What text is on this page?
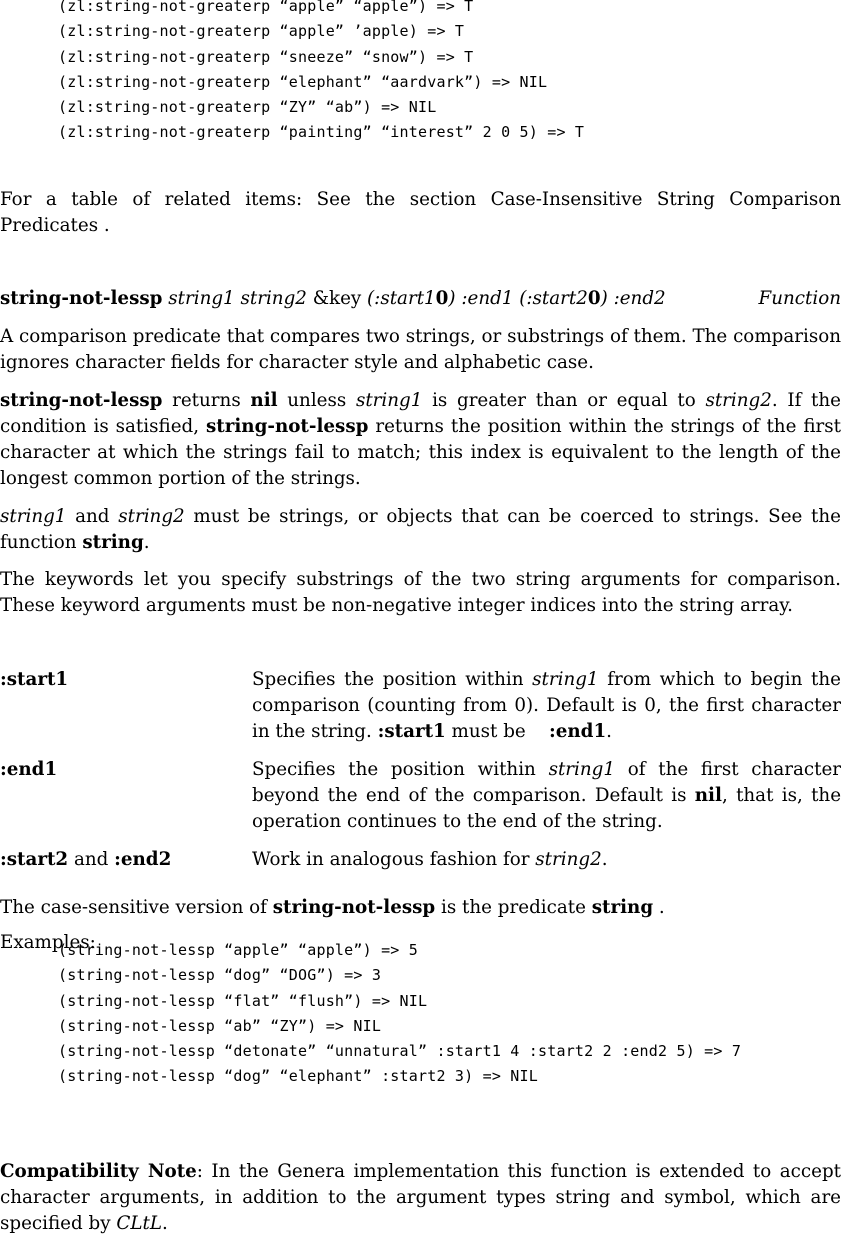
(zl:string-not-greaterp “apple” “apple”) => T
(zl:string-not-greaterp “apple” ’apple) => T
(zl:string-not-greaterp “sneeze” “snow”) => T
(zl:string-not-greaterp “elephant” “aardvark”) => NIL
(zl:string-not-greaterp “ZY” “ab”) => NIL
(zl:string-not-greaterp “painting” “interest” 2 0 5) => T
For a table of related items: See the section Case-Insensitive String Comparison Predicates .
string-not-lessp string1 string2 &key (:start10) :end1 (:start20) :end2	Function
A comparison predicate that compares two strings, or substrings of them. The comparison ignores character fields for character style and alphabetic case.
string-not-lessp returns nil unless string1 is greater than or equal to string2. If the condition is satisfied, string-not-lessp returns the position within the strings of the first character at which the strings fail to match; this index is equivalent to the length of the longest common portion of the strings.
string1 and string2 must be strings, or objects that can be coerced to strings. See the function string.
The keywords let you specify substrings of the two string arguments for comparison. These keyword arguments must be non-negative integer indices into the string array.
:start1	Specifies the position within string1 from which to begin the comparison (counting from 0). Default is 0, the first character in the string. :start1 must be    :end1.
:end1	Specifies the position within string1 of the first character beyond the end of the comparison. Default is nil, that is, the operation continues to the end of the string.
:start2 and :end2	Work in analogous fashion for string2.
The case-sensitive version of string-not-lessp is the predicate string .
Examples:
(string-not-lessp “apple” “apple”) => 5
(string-not-lessp “dog” “DOG”) => 3
(string-not-lessp “flat” “flush”) => NIL
(string-not-lessp “ab” “ZY”) => NIL
(string-not-lessp “detonate” “unnatural” :start1 4 :start2 2 :end2 5) => 7
(string-not-lessp “dog” “elephant” :start2 3) => NIL
Compatibility Note: In the Genera implementation this function is extended to accept character arguments, in addition to the argument types string and symbol, which are specified by CLtL.
